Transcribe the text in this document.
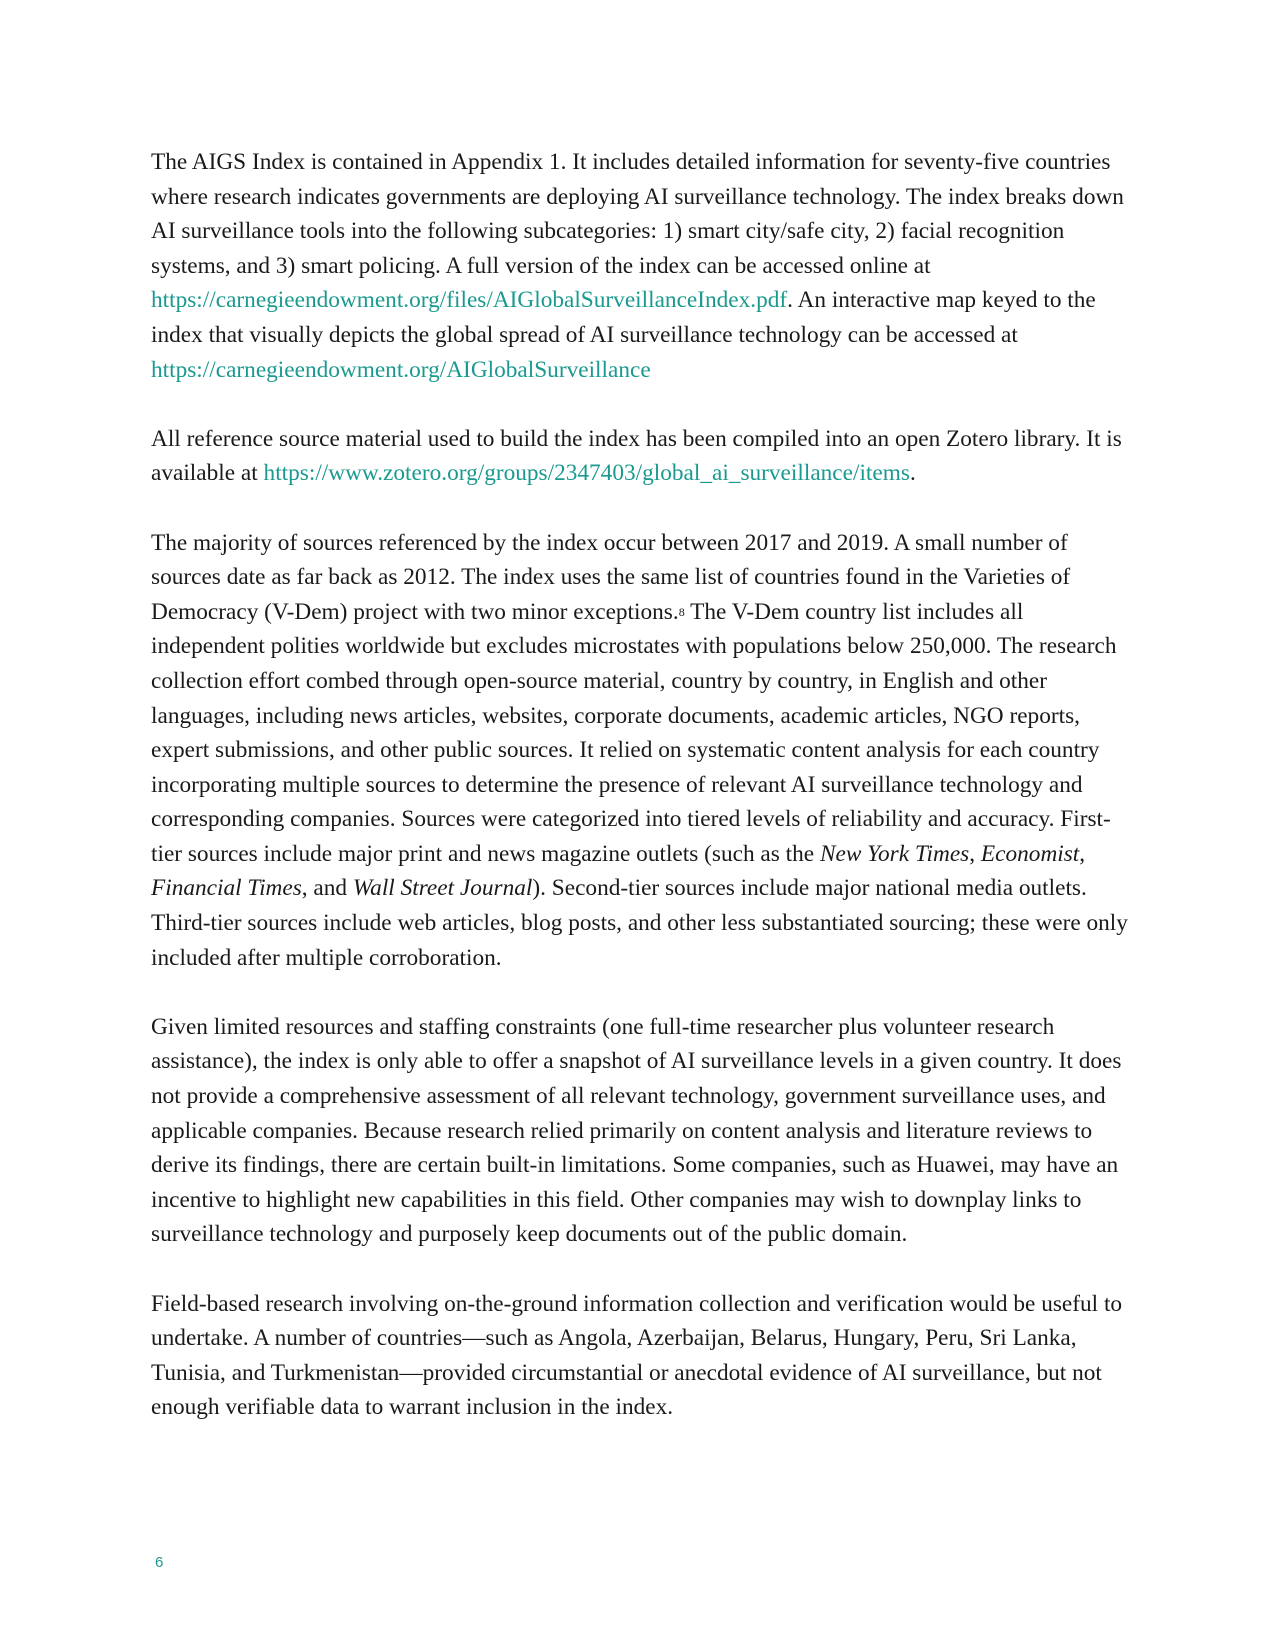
The AIGS Index is contained in Appendix 1. It includes detailed information for seventy-five countries where research indicates governments are deploying AI surveillance technology. The index breaks down AI surveillance tools into the following subcategories: 1) smart city/safe city, 2) facial recognition systems, and 3) smart policing. A full version of the index can be accessed online at https://carnegieendowment.org/files/AIGlobalSurveillanceIndex.pdf. An interactive map keyed to the index that visually depicts the global spread of AI surveillance technology can be accessed at https://carnegieendowment.org/AIGlobalSurveillance

All reference source material used to build the index has been compiled into an open Zotero library. It is available at https://www.zotero.org/groups/2347403/global_ai_surveillance/items.

The majority of sources referenced by the index occur between 2017 and 2019. A small number of sources date as far back as 2012. The index uses the same list of countries found in the Varieties of Democracy (V-Dem) project with two minor exceptions.$^8$ The V-Dem country list includes all independent polities worldwide but excludes microstates with populations below 250,000. The research collection effort combed through open-source material, country by country, in English and other languages, including news articles, websites, corporate documents, academic articles, NGO reports, expert submissions, and other public sources. It relied on systematic content analysis for each country incorporating multiple sources to determine the presence of relevant AI surveillance technology and corresponding companies. Sources were categorized into tiered levels of reliability and accuracy. First-tier sources include major print and news magazine outlets (such as the New York Times, Economist, Financial Times, and Wall Street Journal). Second-tier sources include major national media outlets. Third-tier sources include web articles, blog posts, and other less substantiated sourcing; these were only included after multiple corroboration.

Given limited resources and staffing constraints (one full-time researcher plus volunteer research assistance), the index is only able to offer a snapshot of AI surveillance levels in a given country. It does not provide a comprehensive assessment of all relevant technology, government surveillance uses, and applicable companies. Because research relied primarily on content analysis and literature reviews to derive its findings, there are certain built-in limitations. Some companies, such as Huawei, may have an incentive to highlight new capabilities in this field. Other companies may wish to downplay links to surveillance technology and purposely keep documents out of the public domain.

Field-based research involving on-the-ground information collection and verification would be useful to undertake. A number of countries—such as Angola, Azerbaijan, Belarus, Hungary, Peru, Sri Lanka, Tunisia, and Turkmenistan—provided circumstantial or anecdotal evidence of AI surveillance, but not enough verifiable data to warrant inclusion in the index.

6
